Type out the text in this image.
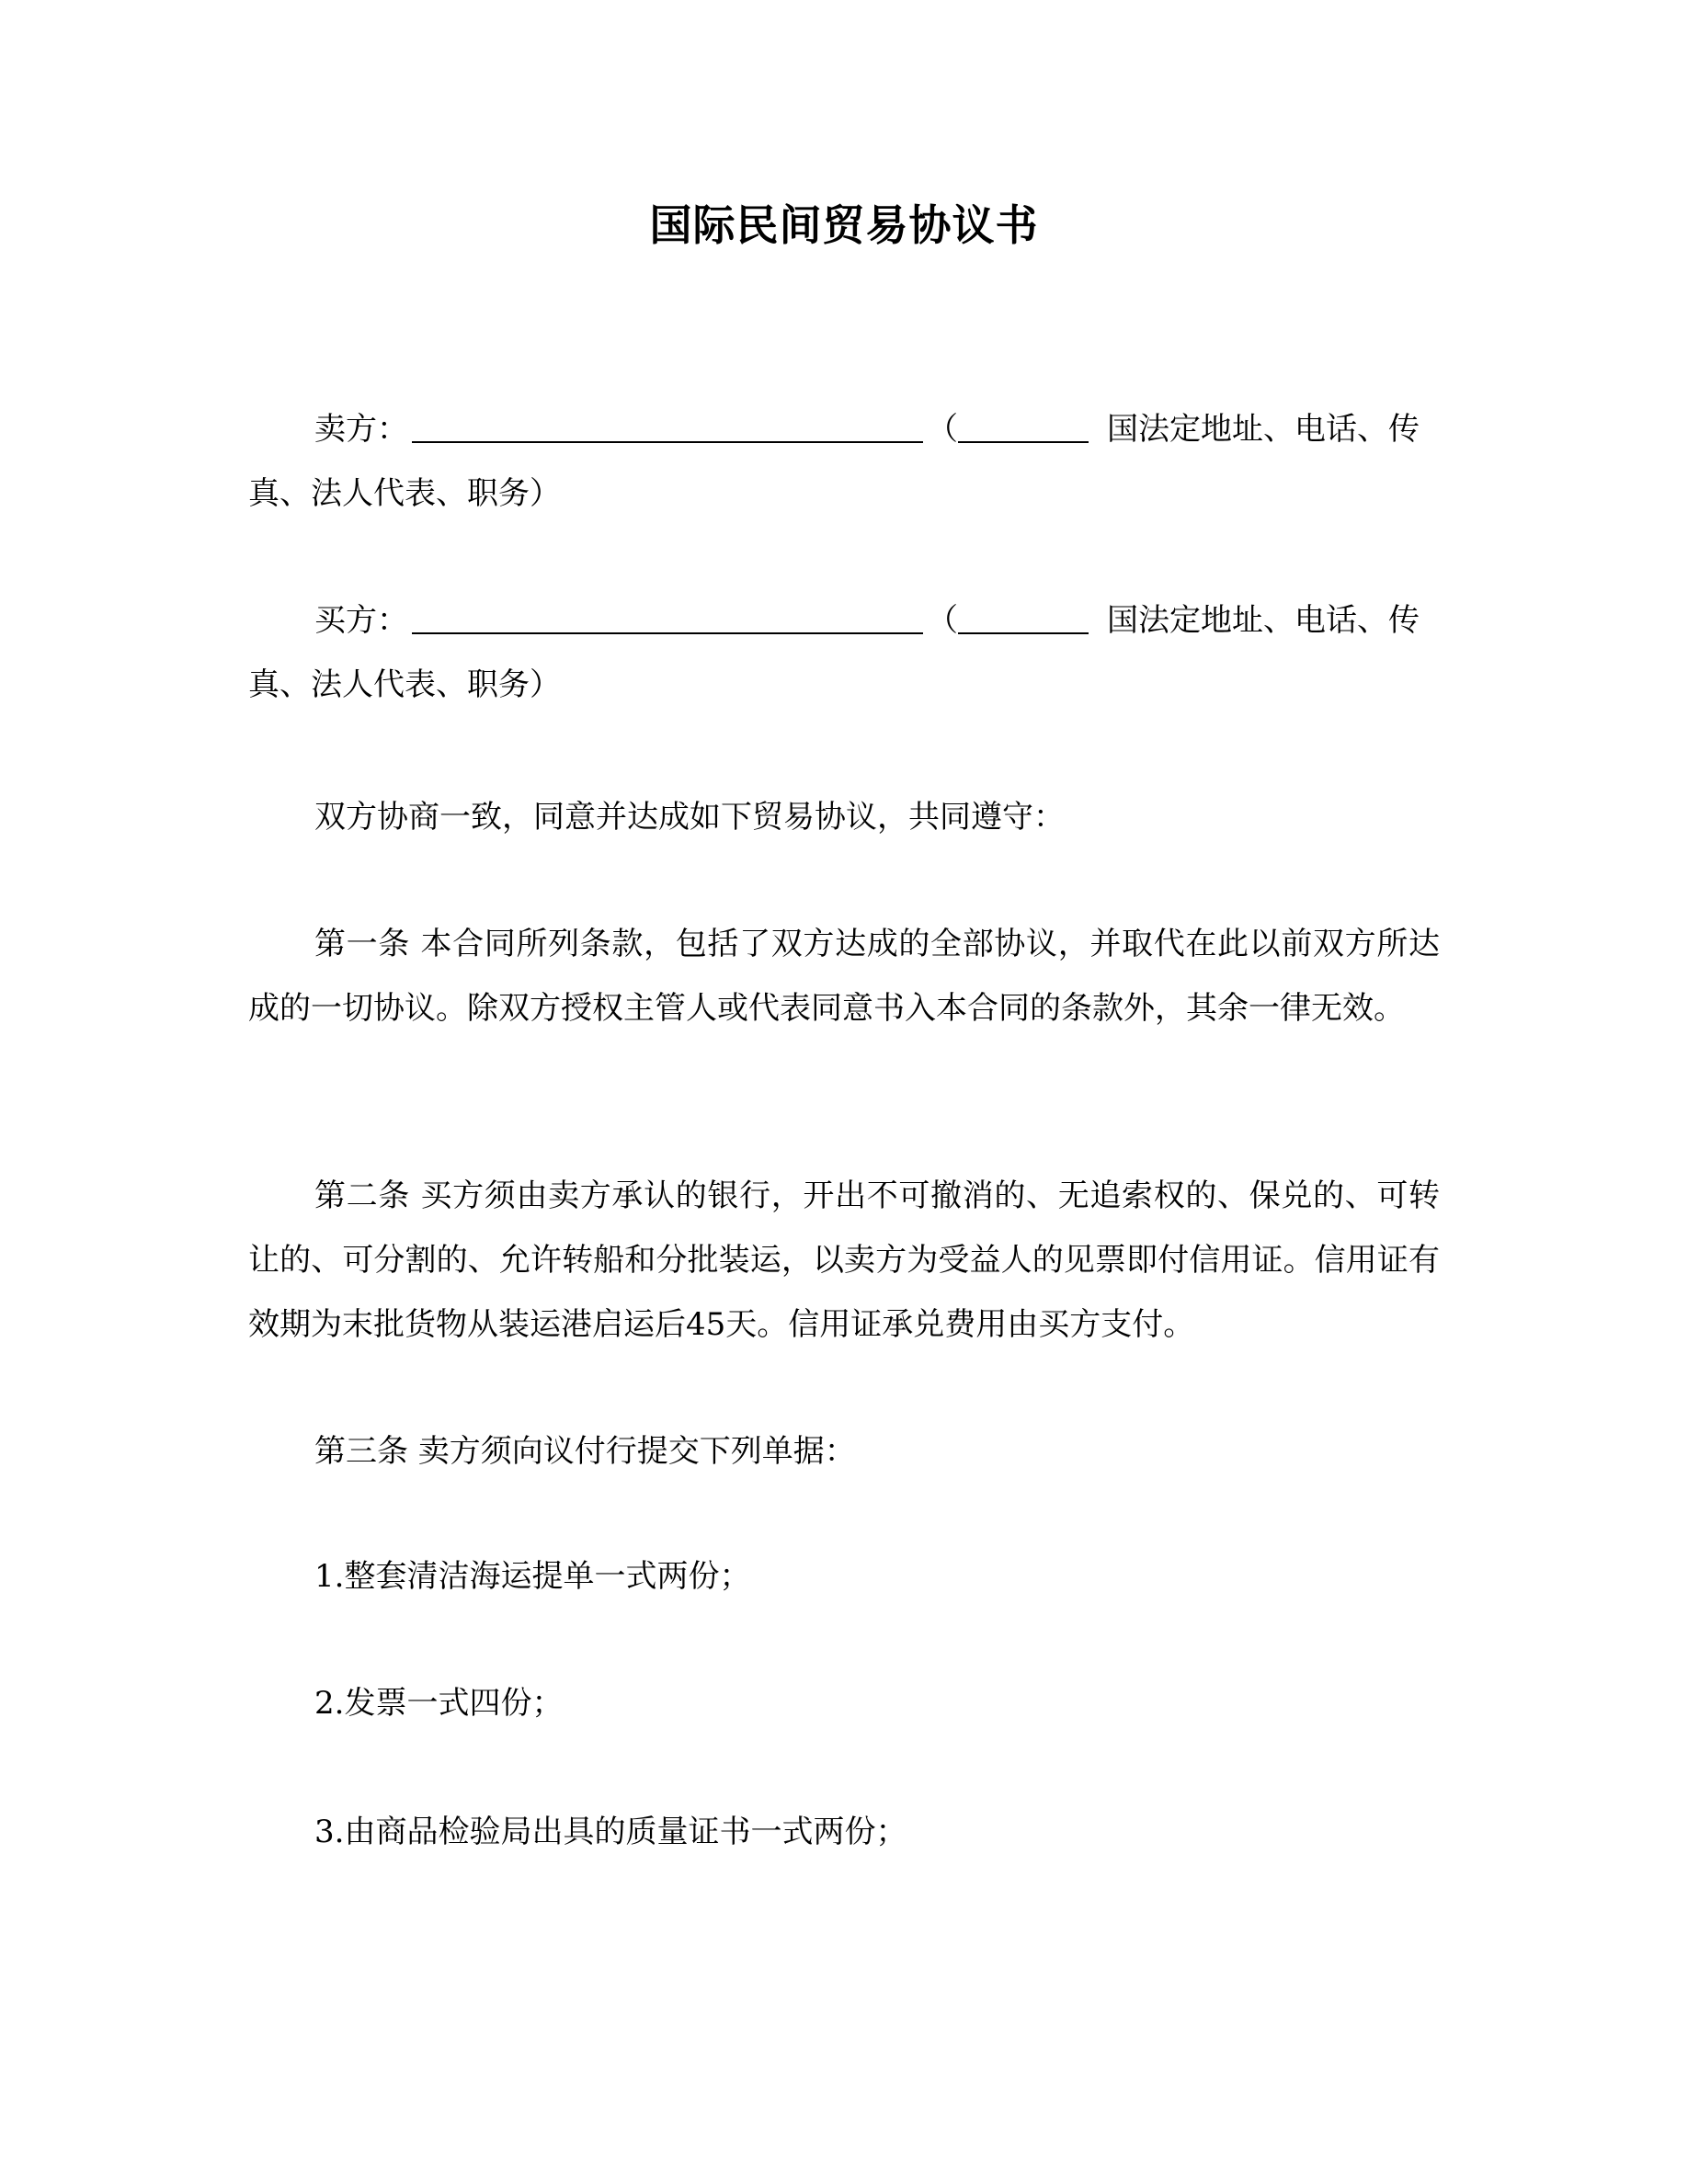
国际民间贸易协议书
卖方：	（	国法定地址、电话、传
真、法人代表、职务）
买方：	（	国法定地址、电话、传
真、法人代表、职务）

双方协商一致，同意并达成如下贸易协议，共同遵守：

第一条 本合同所列条款，包括了双方达成的全部协议，并取代在此以前双方所达成的一切协议。除双方授权主管人或代表同意书入本合同的条款外，其余一律无效。

第二条 买方须由卖方承认的银行，开出不可撤消的、无追索权的、保兑的、可转让的、可分割的、允许转船和分批装运，以卖方为受益人的见票即付信用证。信用证有效期为末批货物从装运港启运后45天。信用证承兑费用由买方支付。

第三条 卖方须向议付行提交下列单据：

1.整套清洁海运提单一式两份；

2.发票一式四份；

3.由商品检验局出具的质量证书一式两份；
